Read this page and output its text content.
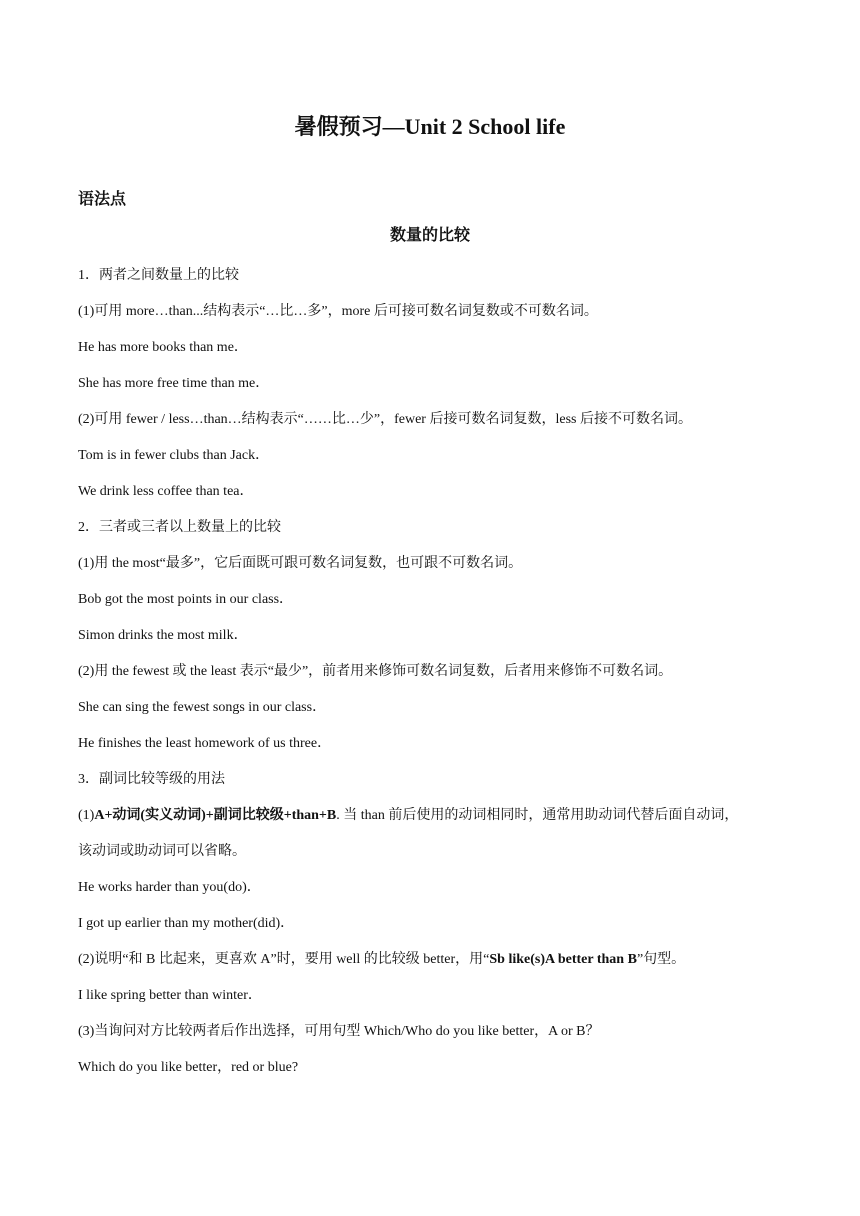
暑假预习—Unit 2 School life
语法点
数量的比较
1．两者之间数量上的比较
(1)可用 more…than...结构表示“…比…多”，more 后可接可数名词复数或不可数名词。
He has more books than me．
She has more free time than me．
(2)可用 fewer / less…than…结构表示“……比…少”，fewer 后接可数名词复数，less 后接不可数名词。
Tom is in fewer clubs than Jack．
We drink less coffee than tea．
2．三者或三者以上数量上的比较
(1)用 the most“最多”，它后面既可跟可数名词复数，也可跟不可数名词。
Bob got the most points in our class．
Simon drinks the most milk．
(2)用 the fewest 或 the least 表示“最少”，前者用来修饰可数名词复数，后者用来修饰不可数名词。
She can sing the fewest songs in our class．
He finishes the least homework of us three．
3．副词比较等级的用法
(1)A+动词(实义动词)+副词比较级+than+B. 当 than 前后使用的动词相同时，通常用助动词代替后面自动词，
该动词或助动词可以省略。
He works harder than you(do)．
I got up earlier than my mother(did)．
(2)说明“和 B 比起来，更喜欢 A”时，要用 well 的比较级 better，用“Sb like(s)A better than B”句型。
I like spring better than winter．
(3)当询问对方比较两者后作出选择，可用句型 Which/Who do you like better，A or B？
Which do you like better，red or blue?
